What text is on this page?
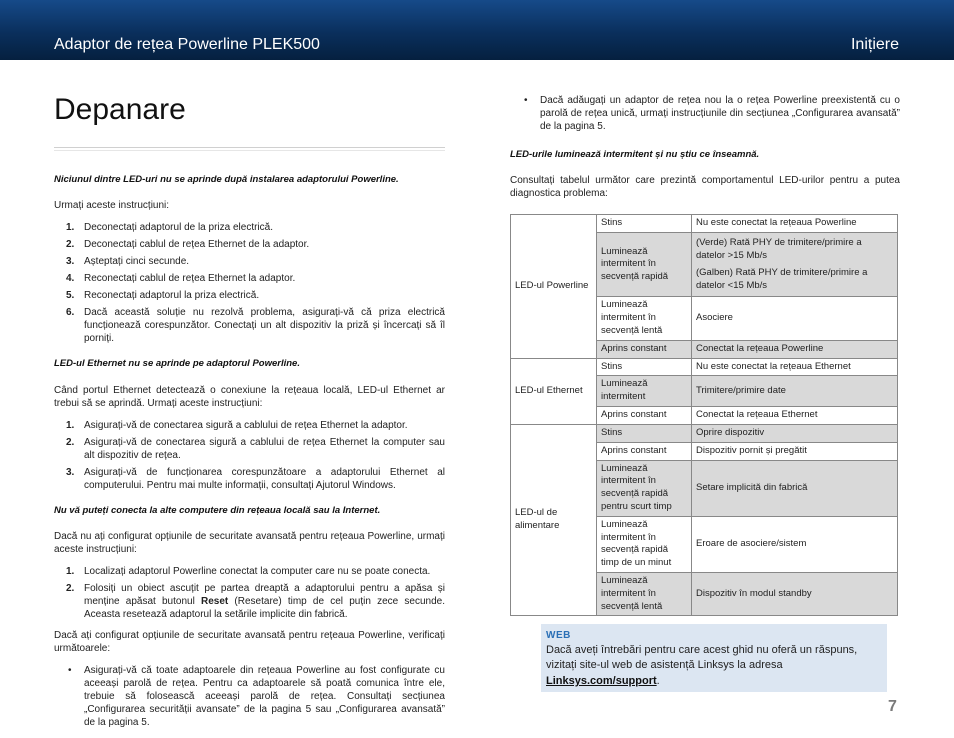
Adaptor de rețea Powerline PLEK500	Inițiere
Depanare

Niciunul dintre LED-uri nu se aprinde după instalarea adaptorului Powerline.

Urmați aceste instrucțiuni:

1. Deconectați adaptorul de la priza electrică.
2. Deconectați cablul de rețea Ethernet de la adaptor.
3. Așteptați cinci secunde.
4. Reconectați cablul de rețea Ethernet la adaptor.
5. Reconectați adaptorul la priza electrică.
6. Dacă această soluție nu rezolvă problema, asigurați-vă că priza electrică funcționează corespunzător. Conectați un alt dispozitiv la priză și încercați să îl porniți.

LED-ul Ethernet nu se aprinde pe adaptorul Powerline.

Când portul Ethernet detectează o conexiune la rețeaua locală, LED-ul Ethernet ar trebui să se aprindă. Urmați aceste instrucțiuni:

1. Asigurați-vă de conectarea sigură a cablului de rețea Ethernet la adaptor.
2. Asigurați-vă de conectarea sigură a cablului de rețea Ethernet la computer sau alt dispozitiv de rețea.
3. Asigurați-vă de funcționarea corespunzătoare a adaptorului Ethernet al computerului. Pentru mai multe informații, consultați Ajutorul Windows.

Nu vă puteți conecta la alte computere din rețeaua locală sau la Internet.

Dacă nu ați configurat opțiunile de securitate avansată pentru rețeaua Powerline, urmați aceste instrucțiuni:

1. Localizați adaptorul Powerline conectat la computer care nu se poate conecta.
2. Folosiți un obiect ascuțit pe partea dreaptă a adaptorului pentru a apăsa și menține apăsat butonul Reset (Resetare) timp de cel puțin zece secunde. Aceasta resetează adaptorul la setările implicite din fabrică.

Dacă ați configurat opțiunile de securitate avansată pentru rețeaua Powerline, verificați următoarele:

• Asigurați-vă că toate adaptoarele din rețeaua Powerline au fost configurate cu aceeași parolă de rețea. Pentru ca adaptoarele să poată comunica între ele, trebuie să folosească aceeași parolă de rețea. Consultați secțiunea „Configurarea securității avansate” de la pagina 5 sau „Configurarea avansată” de la pagina 5.
• Dacă adăugați un adaptor de rețea nou la o rețea Powerline preexistentă cu o parolă de rețea unică, urmați instrucțiunile din secțiunea „Configurarea avansată” de la pagina 5.

LED-urile luminează intermitent și nu știu ce înseamnă.

Consultați tabelul următor care prezintă comportamentul LED-urilor pentru a putea diagnostica problema:

LED-ul Powerline	Stins	Nu este conectat la rețeaua Powerline
	Luminează intermitent în secvență rapidă	(Verde) Rată PHY de trimitere/primire a datelor >15 Mb/s
(Galben) Rată PHY de trimitere/primire a datelor <15 Mb/s

	Luminează intermitent în secvență lentă	Asociere
	Aprins constant	Conectat la rețeaua Powerline
LED-ul Ethernet	Stins	Nu este conectat la rețeaua Ethernet
	Luminează intermitent	Trimitere/primire date
	Aprins constant	Conectat la rețeaua Ethernet
LED-ul de alimentare	Stins	Oprire dispozitiv
	Aprins constant	Dispozitiv pornit și pregătit
	Luminează intermitent în secvență rapidă pentru scurt timp	Setare implicită din fabrică
	Luminează intermitent în secvență rapidă timp de un minut	Eroare de asociere/sistem
	Luminează intermitent în secvență lentă	Dispozitiv în modul standby
WEB
Dacă aveți întrebări pentru care acest ghid nu oferă un răspuns, vizitați site-ul web de asistență Linksys la adresa Linksys.com/support.
7
